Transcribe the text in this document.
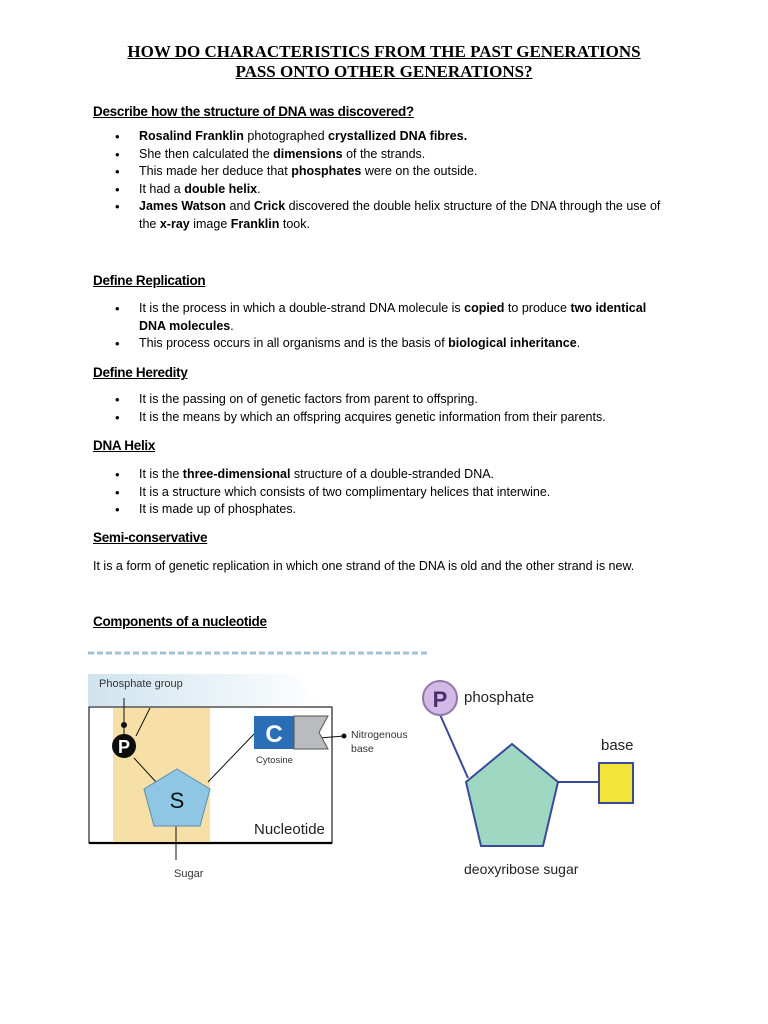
HOW DO CHARACTERISTICS FROM THE PAST GENERATIONS
PASS ONTO OTHER GENERATIONS?
Describe how the structure of DNA was discovered?
• Rosalind Franklin photographed crystallized DNA fibres.
• She then calculated the dimensions of the strands.
• This made her deduce that phosphates were on the outside.
• It had a double helix.
• James Watson and Crick discovered the double helix structure of the DNA through the use of the x-ray image Franklin took.
Define Replication
• It is the process in which a double-strand DNA molecule is copied to produce two identical DNA molecules.
• This process occurs in all organisms and is the basis of biological inheritance.
Define Heredity
• It is the passing on of genetic factors from parent to offspring.
• It is the means by which an offspring acquires genetic information from their parents.
DNA Helix
• It is the three-dimensional structure of a double-stranded DNA.
• It is a structure which consists of two complimentary helices that interwine.
• It is made up of phosphates.
Semi-conservative
It is a form of genetic replication in which one strand of the DNA is old and the other strand is new.
Components of a nucleotide
Phosphate group
P
S
C
Cytosine
Nitrogenous
base
Nucleotide
Sugar
P phosphate
base
deoxyribose sugar
